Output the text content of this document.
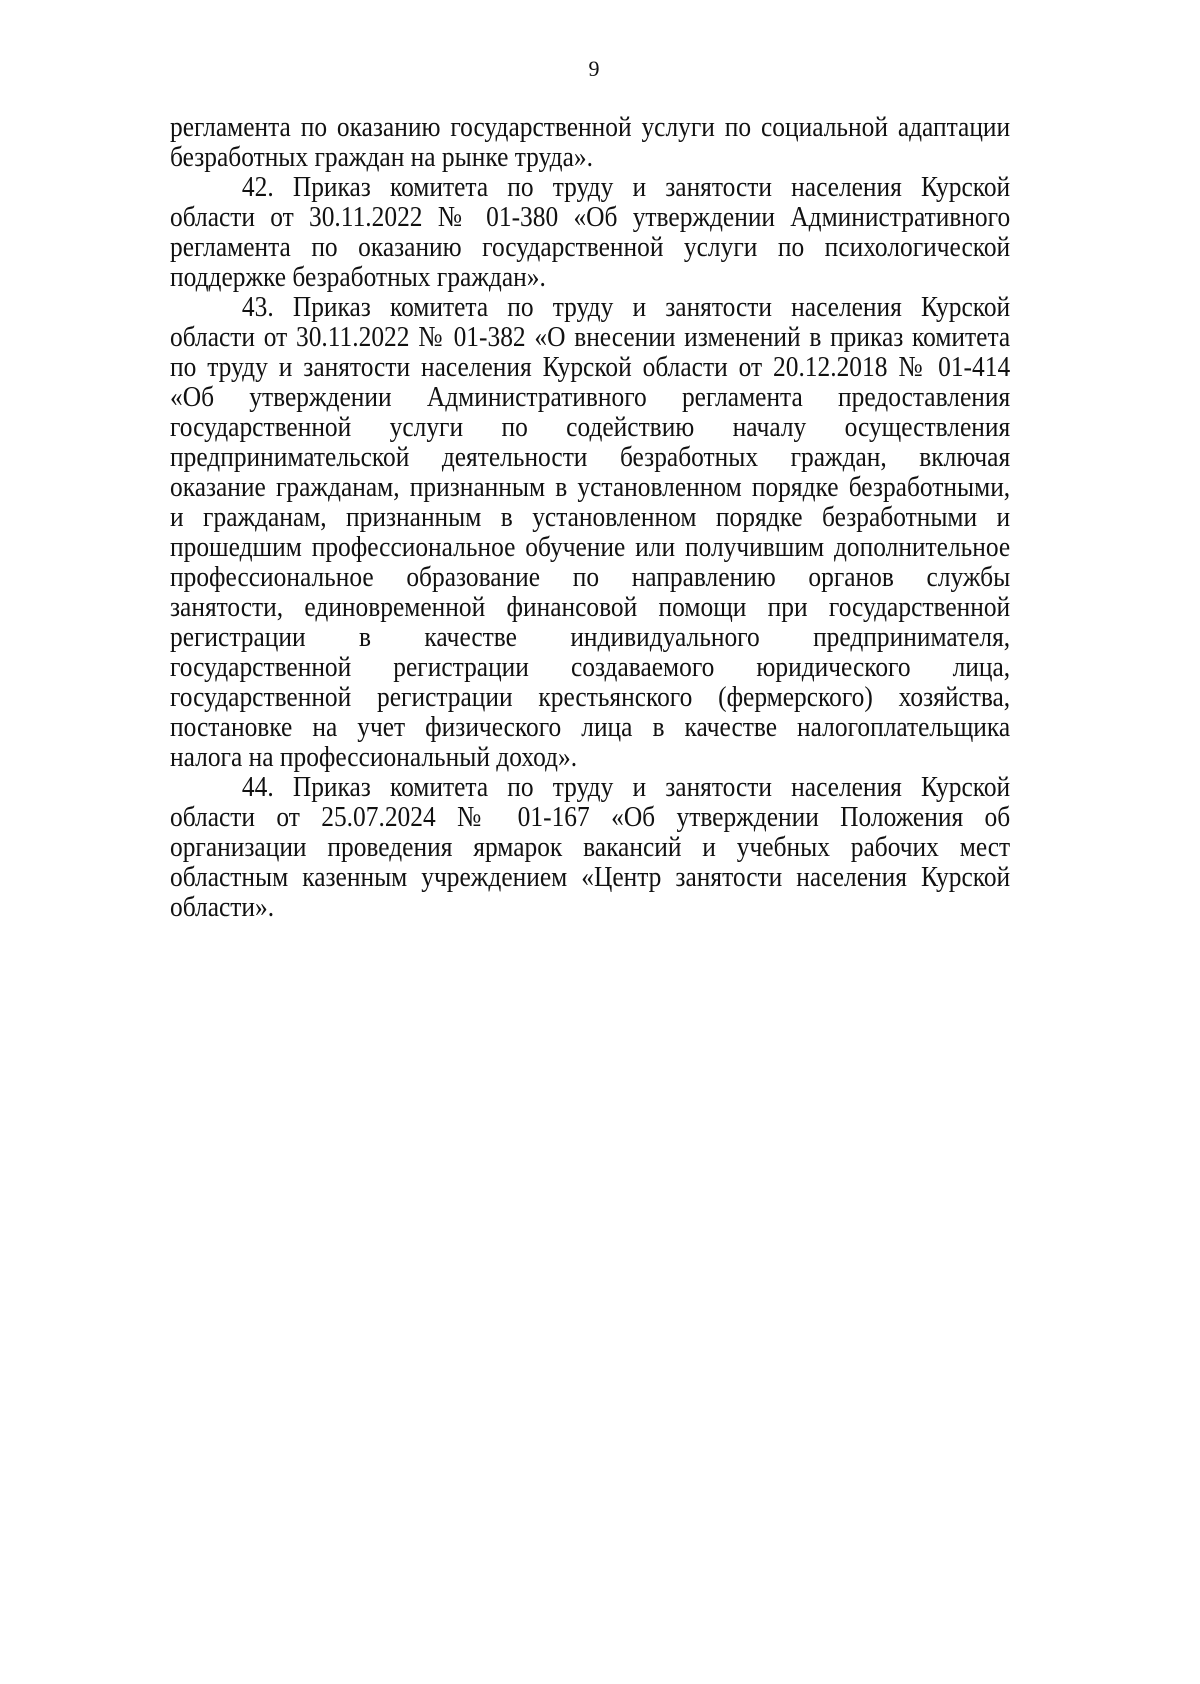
9
регламента по оказанию государственной услуги по социальной адаптации
безработных граждан на рынке труда».
42. Приказ комитета по труду и занятости населения Курской
области от 30.11.2022 № 01-380 «Об утверждении Административного
регламента по оказанию государственной услуги по психологической
поддержке безработных граждан».
43. Приказ комитета по труду и занятости населения Курской
области от 30.11.2022 № 01-382 «О внесении изменений в приказ комитета
по труду и занятости населения Курской области от 20.12.2018 № 01-414
«Об утверждении Административного регламента предоставления
государственной услуги по содействию началу осуществления
предпринимательской деятельности безработных граждан, включая
оказание гражданам, признанным в установленном порядке безработными,
и гражданам, признанным в установленном порядке безработными и
прошедшим профессиональное обучение или получившим дополнительное
профессиональное образование по направлению органов службы
занятости, единовременной финансовой помощи при государственной
регистрации в качестве индивидуального предпринимателя,
государственной регистрации создаваемого юридического лица,
государственной регистрации крестьянского (фермерского) хозяйства,
постановке на учет физического лица в качестве налогоплательщика
налога на профессиональный доход».
44. Приказ комитета по труду и занятости населения Курской
области от 25.07.2024 № 01-167 «Об утверждении Положения об
организации проведения ярмарок вакансий и учебных рабочих мест
областным казенным учреждением «Центр занятости населения Курской
области».
